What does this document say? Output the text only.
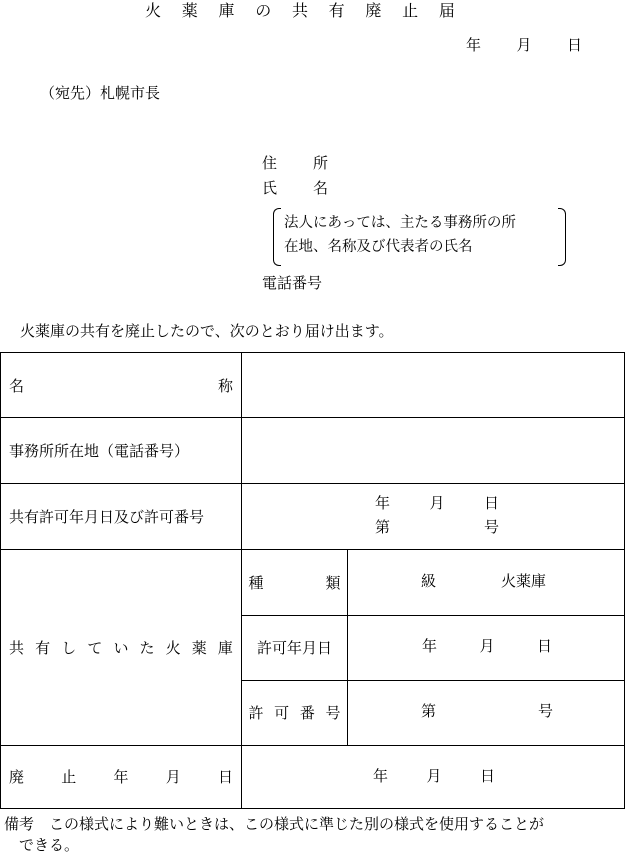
火 薬 庫 の 共 有 廃 止 届
年 月 日
（宛先）札幌市長
住 所
氏 名
法人にあっては、主たる事務所の所
在地、名称及び代表者の氏名
電話番号
火薬庫の共有を廃止したので、次のとおり届け出ます。
名	称
事務所所在地（電話番号）
共有許可年月日及び許可番号
年	月	日
第	号
共 有 し て い た 火 薬 庫
種	類	級	火薬庫
許可年月日	年	月	日
許 可 番 号	第	号
廃 止 年 月 日	年	月	日
備考　この様式により難いときは、この様式に準じた別の様式を使用することが
　できる。
